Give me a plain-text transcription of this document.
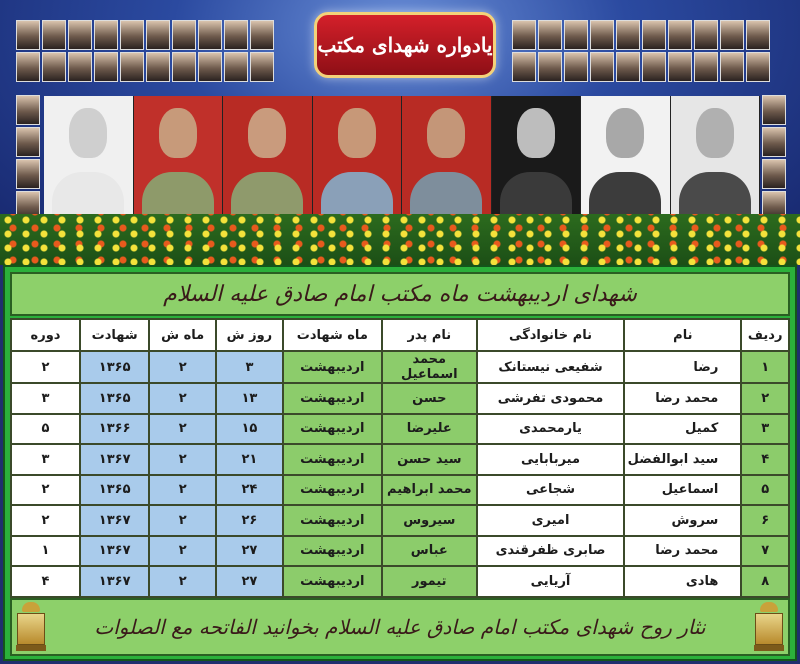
یادواره شهدای مکتب
شهدای اردیبهشت ماه مکتب امام صادق علیه السلام
ردیف	نام	نام خانوادگی	نام پدر	ماه شهادت	روز ش	ماه ش	شهادت	دوره
۱	رضا	شفیعی نیستانک	محمد اسماعیل	اردیبهشت	۳	۲	۱۳۶۵	۲
۲	محمد رضا	محمودی تفرشی	حسن	اردیبهشت	۱۳	۲	۱۳۶۵	۳
۳	کمیل	یارمحمدی	علیرضا	اردیبهشت	۱۵	۲	۱۳۶۶	۵
۴	سید ابوالفضل	میربابایی	سید حسن	اردیبهشت	۲۱	۲	۱۳۶۷	۳
۵	اسماعیل	شجاعی	محمد ابراهیم	اردیبهشت	۲۴	۲	۱۳۶۵	۲
۶	سروش	امیری	سیروس	اردیبهشت	۲۶	۲	۱۳۶۷	۲
۷	محمد رضا	صابری ظفرقندی	عباس	اردیبهشت	۲۷	۲	۱۳۶۷	۱
۸	هادی	آریایی	تیمور	اردیبهشت	۲۷	۲	۱۳۶۷	۴
نثار روح شهدای مکتب امام صادق علیه السلام بخوانید الفاتحه مع الصلوات
